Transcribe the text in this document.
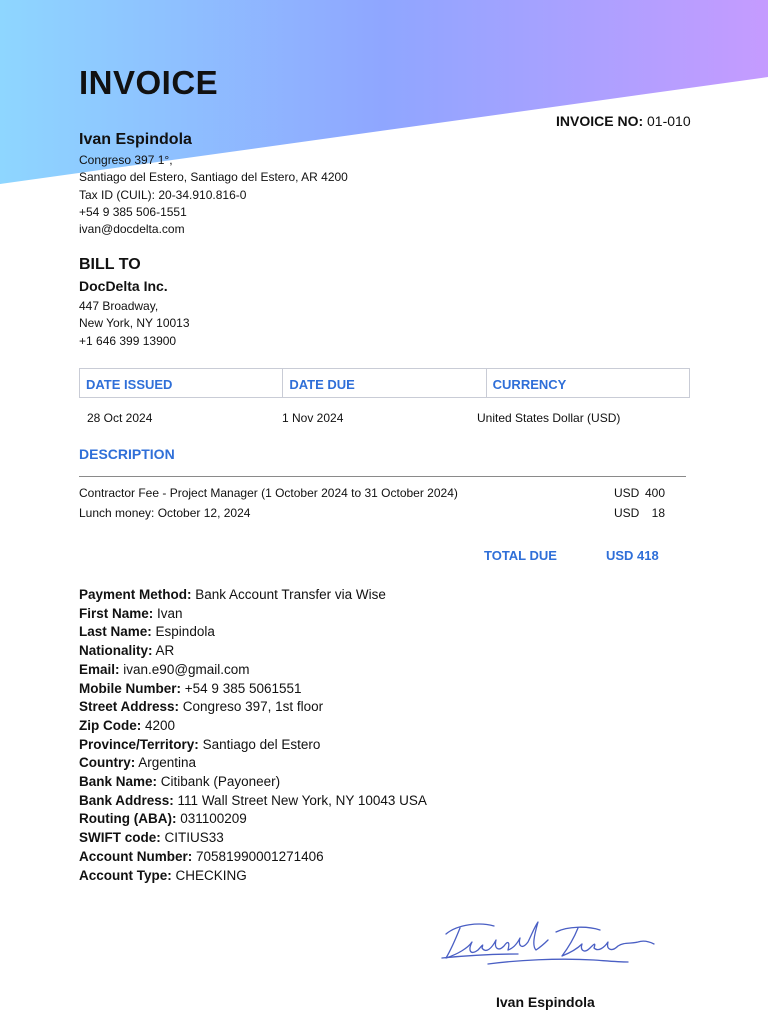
INVOICE
INVOICE NO: 01-010
Ivan Espindola
Congreso 397 1°,
Santiago del Estero, Santiago del Estero, AR 4200
Tax ID (CUIL): 20-34.910.816-0
+54 9 385 506-1551
ivan@docdelta.com
BILL TO
DocDelta Inc.
447 Broadway,
New York, NY 10013
+1 646 399 13900
DATE ISSUED	DATE DUE	CURRENCY
28 Oct 2024	1 Nov 2024	United States Dollar (USD)
DESCRIPTION
Contractor Fee - Project Manager (1 October 2024 to 31 October 2024)	USD 400
Lunch money: October 12, 2024	USD 18
TOTAL DUE	USD 418
Payment Method: Bank Account Transfer via Wise
First Name: Ivan
Last Name: Espindola
Nationality: AR
Email: ivan.e90@gmail.com
Mobile Number: +54 9 385 5061551
Street Address: Congreso 397, 1st floor
Zip Code: 4200
Province/Territory: Santiago del Estero
Country: Argentina
Bank Name: Citibank (Payoneer)
Bank Address: 111 Wall Street New York, NY 10043 USA
Routing (ABA): 031100209
SWIFT code: CITIUS33
Account Number: 70581990001271406
Account Type: CHECKING
Ivan Espindola
